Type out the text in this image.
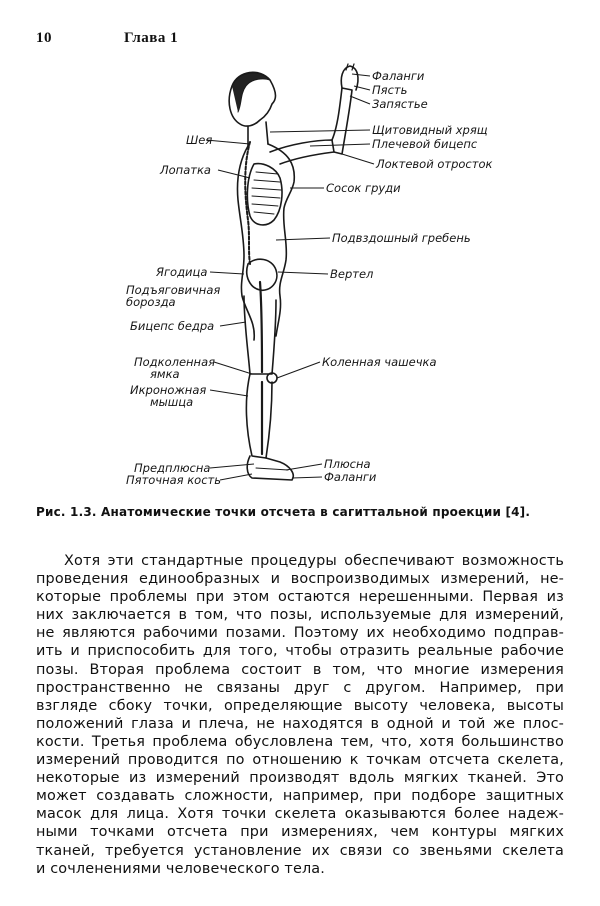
10	Глава 1
Фаланги
Пясть
Запястье
Щитовидный хрящ
Плечевой бицепс
Локтевой отросток
Сосок груди
Подвздошный гребень
Вертел
Коленная чашечка
Плюсна
Фаланги
Шея
Лопатка
Ягодица
Подъяговичная
борозда
Бицепс бедра
Подколенная
ямка
Икроножная
мышца
Предплюсна
Пяточная кость
Рис. 1.3. Анатомические точки отсчета в сагиттальной проекции [4].
Хотя эти стандартные процедуры обеспечивают возможность
проведения единообразных и воспроизводимых измерений, не-
которые проблемы при этом остаются нерешенными. Первая из
них заключается в том, что позы, используемые для измерений,
не являются рабочими позами. Поэтому их необходимо подправ-
ить и приспособить для того, чтобы отразить реальные рабочие
позы. Вторая проблема состоит в том, что многие измерения
пространственно не связаны друг с другом. Например, при
взгляде сбоку точки, определяющие высоту человека, высоты
положений глаза и плеча, не находятся в одной и той же плос-
кости. Третья проблема обусловлена тем, что, хотя большинство
измерений проводится по отношению к точкам отсчета скелета,
некоторые из измерений производят вдоль мягких тканей. Это
может создавать сложности, например, при подборе защитных
масок для лица. Хотя точки скелета оказываются более надеж-
ными точками отсчета при измерениях, чем контуры мягких
тканей, требуется установление их связи со звеньями скелета
и сочленениями человеческого тела.
